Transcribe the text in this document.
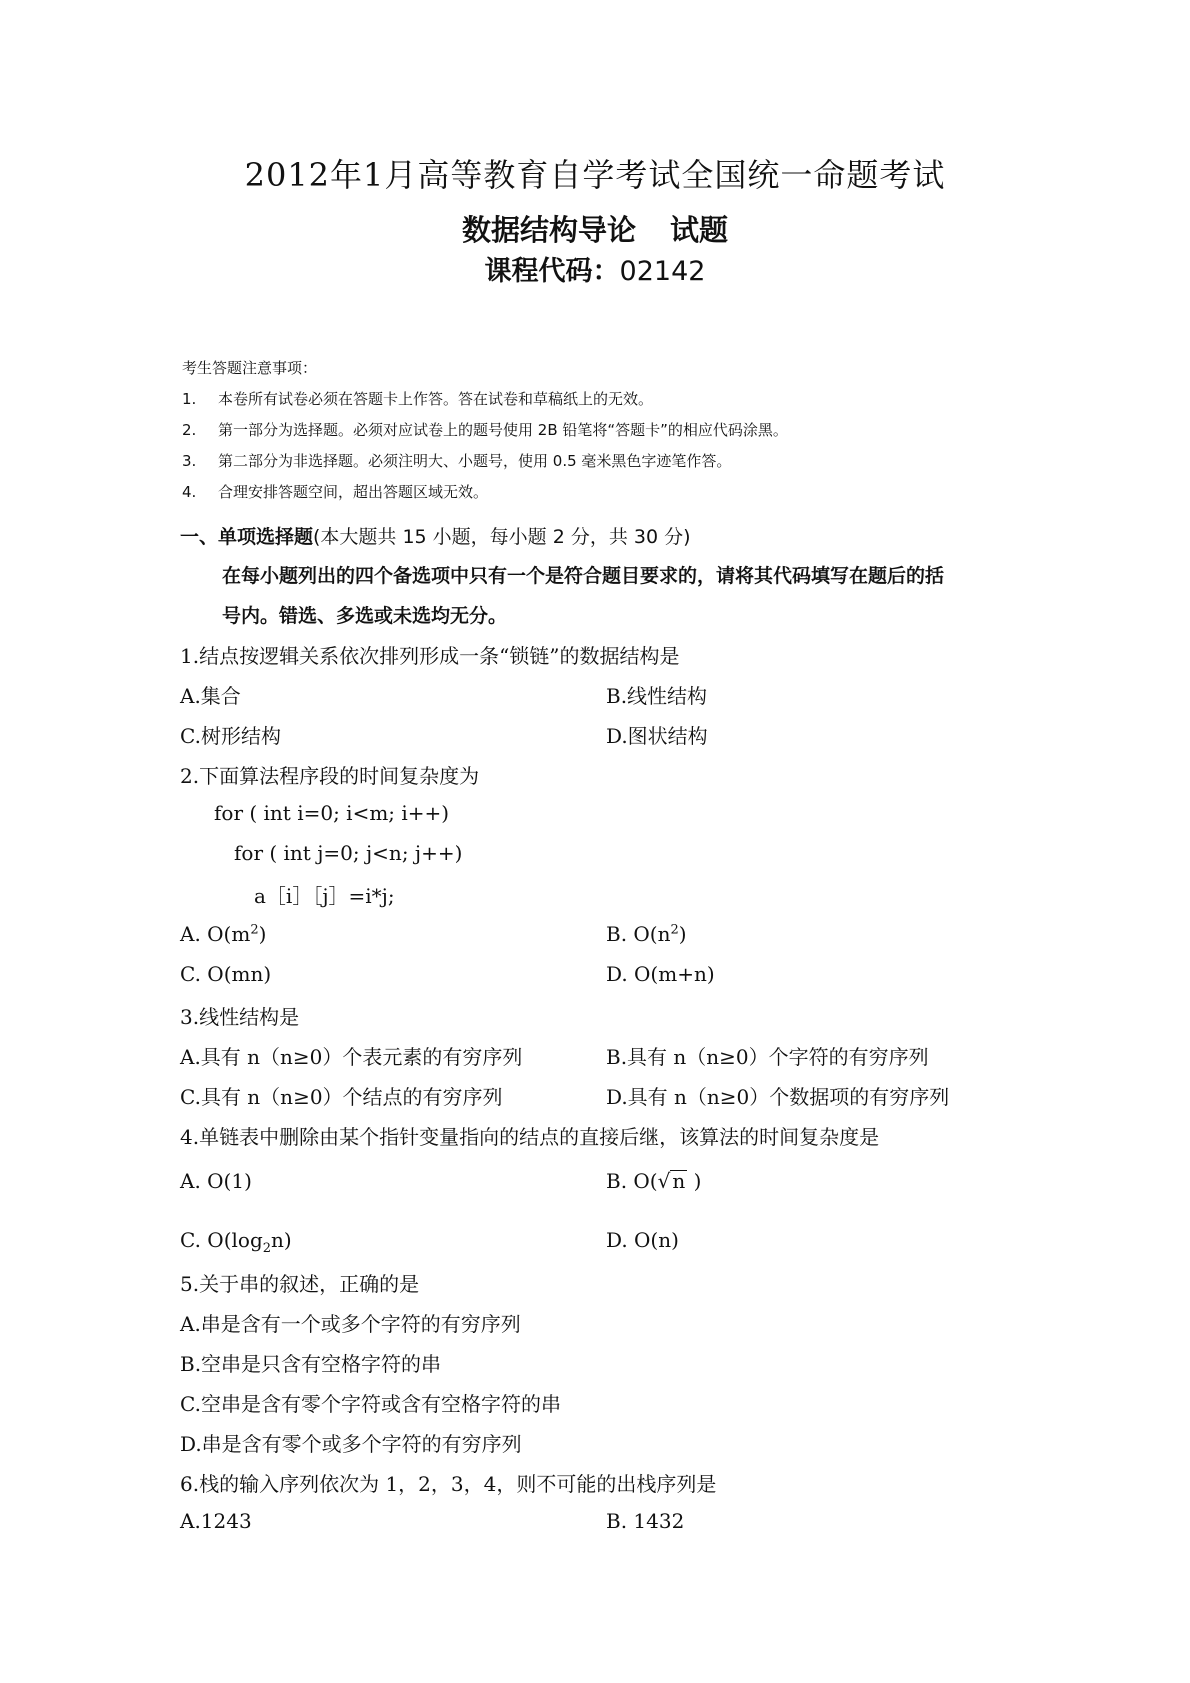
2012年1月高等教育自学考试全国统一命题考试
数据结构导论 试题
课程代码：02142
考生答题注意事项：
1. 本卷所有试卷必须在答题卡上作答。答在试卷和草稿纸上的无效。
2. 第一部分为选择题。必须对应试卷上的题号使用 2B 铅笔将“答题卡”的相应代码涂黑。
3. 第二部分为非选择题。必须注明大、小题号，使用 0.5 毫米黑色字迹笔作答。
4. 合理安排答题空间，超出答题区域无效。
一、单项选择题(本大题共 15 小题，每小题 2 分，共 30 分)
在每小题列出的四个备选项中只有一个是符合题目要求的，请将其代码填写在题后的括
号内。错选、多选或未选均无分。
1.结点按逻辑关系依次排列形成一条“锁链”的数据结构是
A.集合	B.线性结构
C.树形结构	D.图状结构
2.下面算法程序段的时间复杂度为
for ( int i=0; i<m; i++)
for ( int j=0; j<n; j++)
a［i］［j］=i*j;
A. $O(m^2)$	B. $O(n^2)$
C. O(mn)	D. O(m+n)
3.线性结构是
A.具有 n（n≥0）个表元素的有穷序列	B.具有 n（n≥0）个字符的有穷序列
C.具有 n（n≥0）个结点的有穷序列	D.具有 n（n≥0）个数据项的有穷序列
4.单链表中删除由某个指针变量指向的结点的直接后继，该算法的时间复杂度是
A. O(1)	B. O(√ n )
C. $O(\log_2n)$	D. O(n)
5.关于串的叙述，正确的是
A.串是含有一个或多个字符的有穷序列
B.空串是只含有空格字符的串
C.空串是含有零个字符或含有空格字符的串
D.串是含有零个或多个字符的有穷序列
6.栈的输入序列依次为 1，2，3，4，则不可能的出栈序列是
A.1243	B. 1432
